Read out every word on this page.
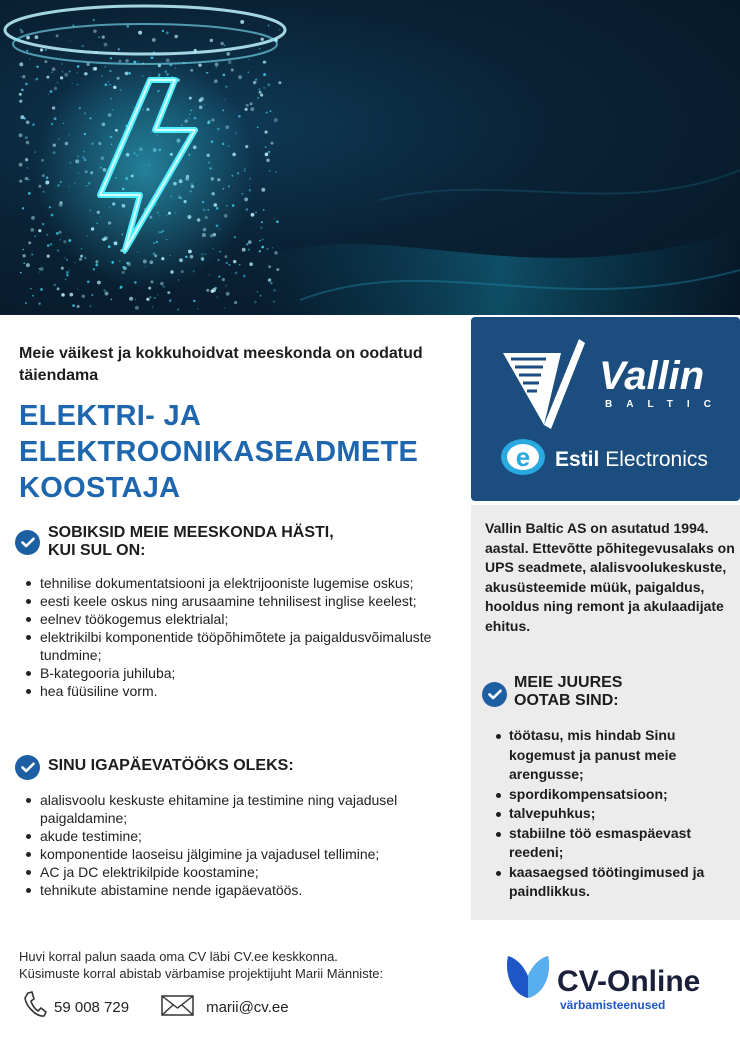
Meie väikest ja kokkuhoidvat meeskonda on oodatud täiendama
ELEKTRI- JA
ELEKTROONIKASEADMETE
KOOSTAJA
SOBIKSID MEIE MEESKONDA HÄSTI,
KUI SUL ON:
tehnilise dokumentatsiooni ja elektrijooniste lugemise oskus;
eesti keele oskus ning arusaamine tehnilisest inglise keelest;
eelnev töökogemus elektrialal;
elektrikilbi komponentide tööpõhimõtete ja paigaldusvõimaluste tundmine;
B-kategooria juhiluba;
hea füüsiline vorm.
SINU IGAPÄEVATÖÖKS OLEKS:
alalisvoolu keskuste ehitamine ja testimine ning vajadusel paigaldamine;
akude testimine;
komponentide laoseisu jälgimine ja vajadusel tellimine;
AC ja DC elektrikilpide koostamine;
tehnikute abistamine nende igapäevatöös.
Huvi korral palun saada oma CV läbi CV.ee keskkonna.
Küsimuste korral abistab värbamise projektijuht Marii Männiste:
59 008 729	marii@cv.ee
Vallin
BALTIC
e Estil Electronics
Vallin Baltic AS on asutatud 1994. aastal. Ettevõtte põhitegevusalaks on UPS seadmete, alalisvoolukeskuste, akusüsteemide müük, paigaldus, hooldus ning remont ja akulaadijate ehitus.
MEIE JUURES
OOTAB SIND:
töötasu, mis hindab Sinu kogemust ja panust meie arengusse;
spordikompensatsioon;
talvepuhkus;
stabiilne töö esmaspäevast reedeni;
kaasaegsed töötingimused ja paindlikkus.
CV-Online
värbamisteenused
